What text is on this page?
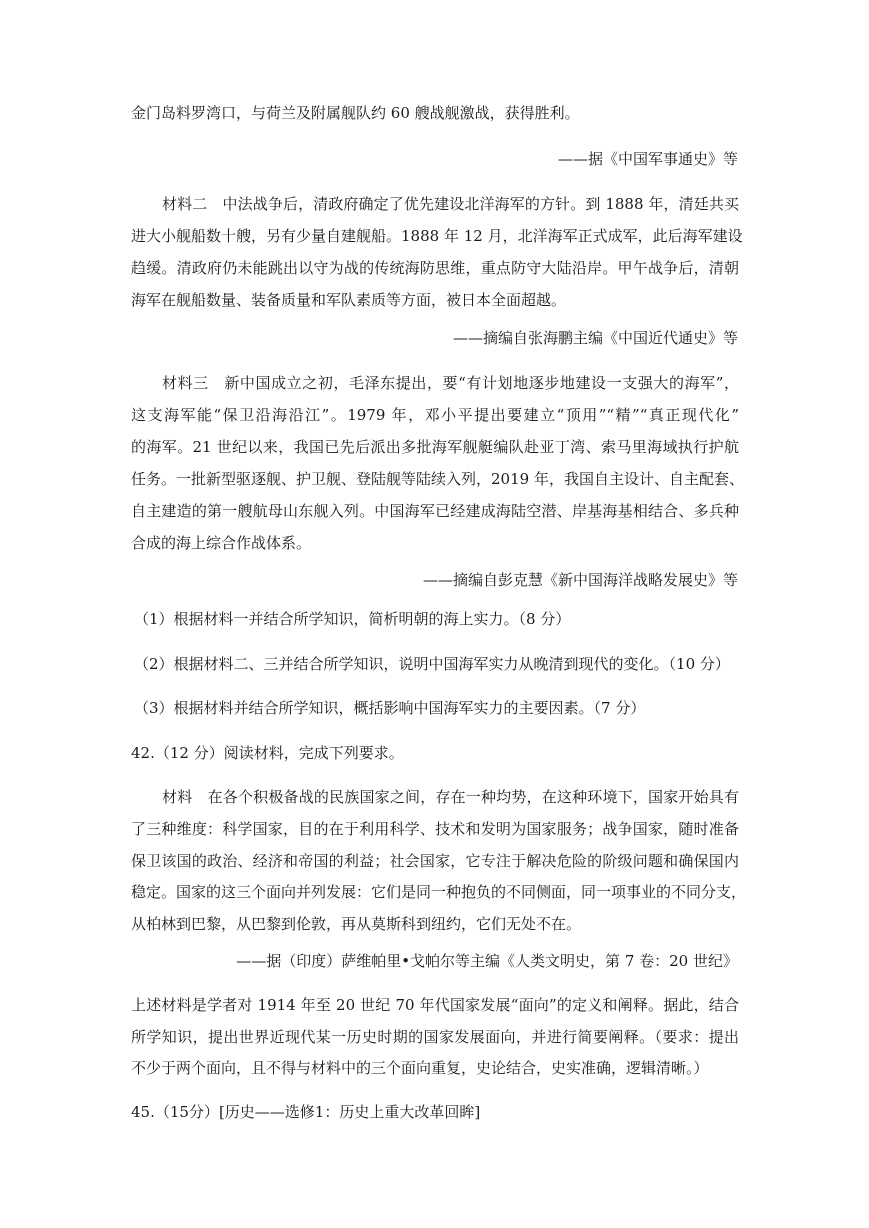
金门岛料罗湾口，与荷兰及附属舰队约 60 艘战舰激战，获得胜利。
——据《中国军事通史》等
材料二　中法战争后，清政府确定了优先建设北洋海军的方针。到 1888 年，清廷共买
进大小舰船数十艘，另有少量自建舰船。1888 年 12 月，北洋海军正式成军，此后海军建设
趋缓。清政府仍未能跳出以守为战的传统海防思维，重点防守大陆沿岸。甲午战争后，清朝
海军在舰船数量、装备质量和军队素质等方面，被日本全面超越。
——摘编自张海鹏主编《中国近代通史》等
材料三　新中国成立之初，毛泽东提出，要“有计划地逐步地建设一支强大的海军”，
这支海军能“保卫沿海沿江”。1979 年，邓小平提出要建立“顶用”“精”“真正现代化”
的海军。21 世纪以来，我国已先后派出多批海军舰艇编队赴亚丁湾、索马里海域执行护航
任务。一批新型驱逐舰、护卫舰、登陆舰等陆续入列，2019 年，我国自主设计、自主配套、
自主建造的第一艘航母山东舰入列。中国海军已经建成海陆空潜、岸基海基相结合、多兵种
合成的海上综合作战体系。
——摘编自彭克慧《新中国海洋战略发展史》等
（1）根据材料一并结合所学知识，简析明朝的海上实力。（8 分）
（2）根据材料二、三并结合所学知识，说明中国海军实力从晚清到现代的变化。（10 分）
（3）根据材料并结合所学知识，概括影响中国海军实力的主要因素。（7 分）
42.（12 分）阅读材料，完成下列要求。
材料　在各个积极备战的民族国家之间，存在一种均势，在这种环境下，国家开始具有
了三种维度：科学国家，目的在于利用科学、技术和发明为国家服务；战争国家，随时准备
保卫该国的政治、经济和帝国的利益；社会国家，它专注于解决危险的阶级问题和确保国内
稳定。国家的这三个面向并列发展：它们是同一种抱负的不同侧面，同一项事业的不同分支，
从柏林到巴黎，从巴黎到伦敦，再从莫斯科到纽约，它们无处不在。
——据（印度）萨维帕里•戈帕尔等主编《人类文明史，第 7 卷：20 世纪》
上述材料是学者对 1914 年至 20 世纪 70 年代国家发展“面向”的定义和阐释。据此，结合
所学知识，提出世界近现代某一历史时期的国家发展面向，并进行简要阐释。（要求：提出
不少于两个面向，且不得与材料中的三个面向重复，史论结合，史实准确，逻辑清晰。）
45.（15分）[历史——选修1：历史上重大改革回眸]
